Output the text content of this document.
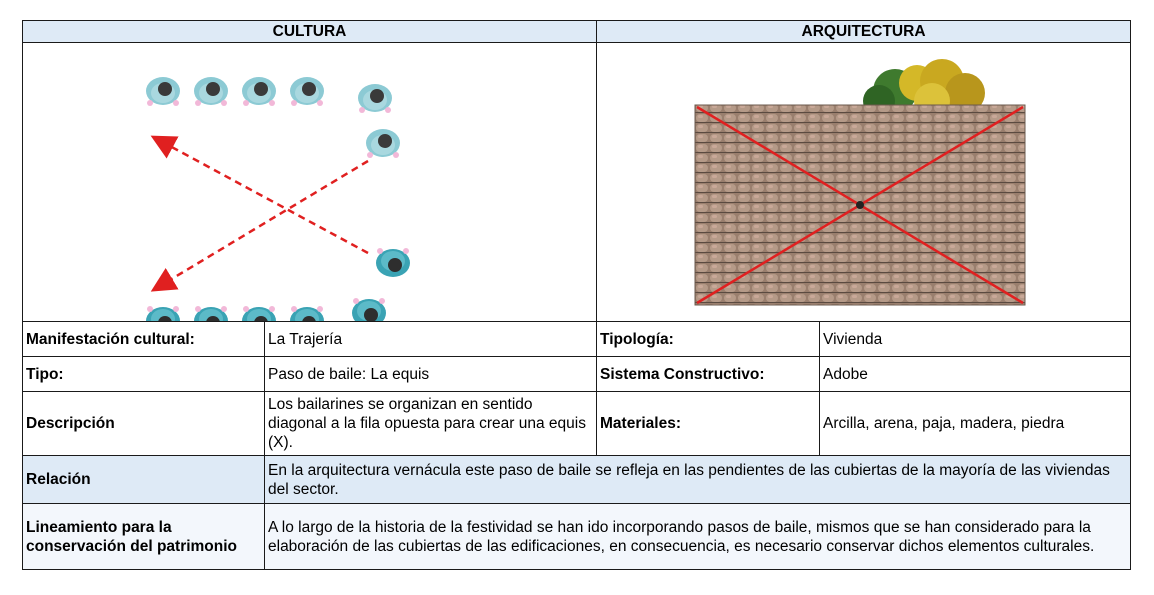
CULTURA		ARQUITECTURA	

Manifestación cultural:	La Trajería	Tipología:	Vivienda
Tipo:	Paso de baile: La equis	Sistema Constructivo:	Adobe
Descripción	Los bailarines se organizan en sentido diagonal a la fila opuesta para crear una equis (X).	Materiales:	Arcilla, arena, paja, madera, piedra
Relación	En la arquitectura vernácula este paso de baile se refleja en las pendientes de las cubiertas de la mayoría de las viviendas del sector.		
Lineamiento para la conservación del patrimonio	A lo largo de la historia de la festividad se han ido incorporando pasos de baile, mismos que se han considerado para la elaboración de las cubiertas de las edificaciones, en consecuencia, es necesario conservar dichos elementos culturales.		
